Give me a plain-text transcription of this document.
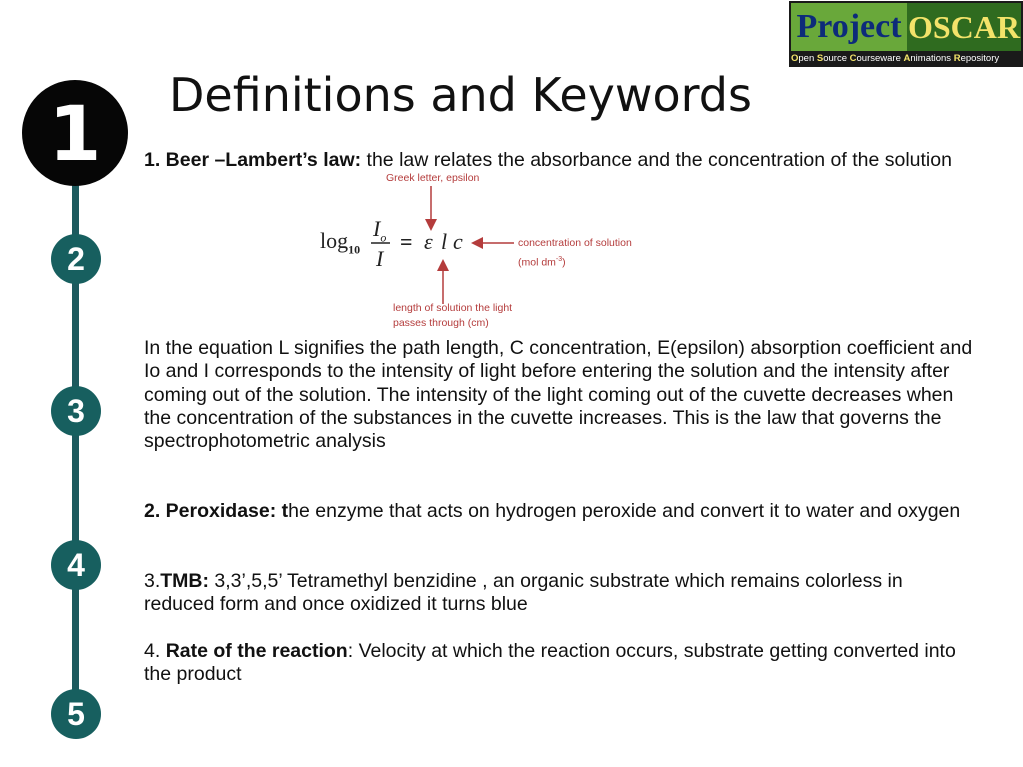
Project OSCAR
Open Source Courseware Animations Repository
1
2
3
4
5
Definitions and Keywords
1. Beer –Lambert’s law: the law relates the absorbance and the concentration of the solution
Greek letter, epsilon
$\log_{10}$
$I_o$
I
= ε l c	concentration of solution
(mol $dm^{-3}$)
length of solution the light
passes through (cm)
In the equation L signifies the path length, C concentration, E(epsilon) absorption coefficient and Io and I corresponds to the intensity of light before entering the solution and the intensity after coming out of the solution. The intensity of the light coming out of the cuvette decreases when the concentration of the substances in the cuvette increases. This is the law that governs the spectrophotometric analysis
2. Peroxidase: the enzyme that acts on hydrogen peroxide and convert it to water and oxygen
3.TMB: 3,3’,5,5’ Tetramethyl benzidine , an organic substrate which remains colorless in reduced form and once oxidized it turns blue
4. Rate of the reaction: Velocity at which the reaction occurs, substrate getting converted into the product
